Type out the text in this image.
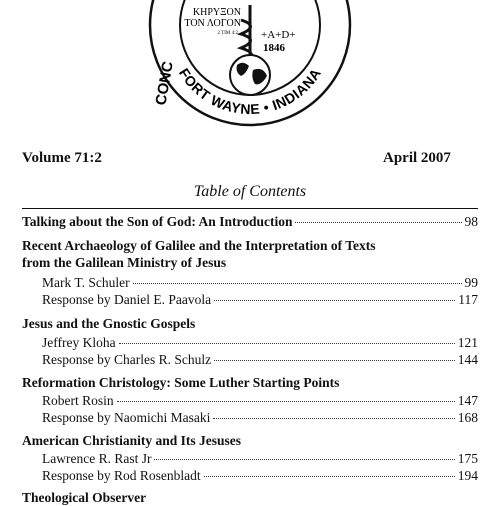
CONC FORT WAYNE • INDIANA
ΚΗΡΥΞΟΝ
ΤΟΝ ΛΟΓΟΝ
2 TIM 4:2 +A+D+
1846
Volume 71:2	April 2007
Table of Contents
Talking about the Son of God: An Introduction	98
Recent Archaeology of Galilee and the Interpretation of Texts
from the Galilean Ministry of Jesus
Mark T. Schuler	99
Response by Daniel E. Paavola	117
Jesus and the Gnostic Gospels
Jeffrey Kloha	121
Response by Charles R. Schulz	144
Reformation Christology: Some Luther Starting Points
Robert Rosin	147
Response by Naomichi Masaki	168
American Christianity and Its Jesuses
Lawrence R. Rast Jr	175
Response by Rod Rosenbladt	194
Theological Observer
